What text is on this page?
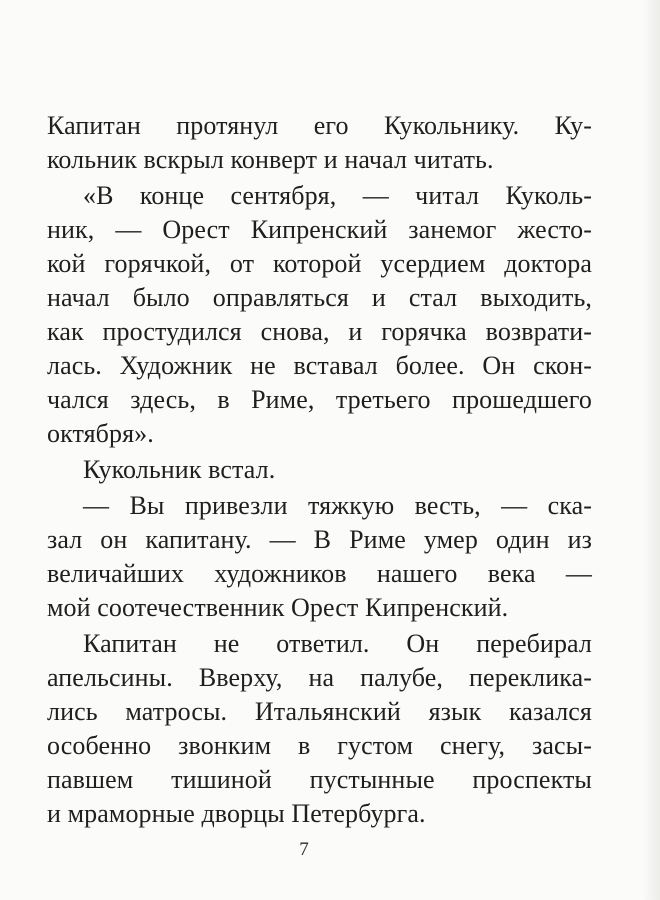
Капитан протянул его Кукольнику. Ку-
кольник вскрыл конверт и начал читать.
«В конце сентября, — читал Куколь-
ник, — Орест Кипренский занемог жесто-
кой горячкой, от которой усердием доктора
начал было оправляться и стал выходить,
как простудился снова, и горячка возврати-
лась. Художник не вставал более. Он скон-
чался здесь, в Риме, третьего прошедшего
октября».
Кукольник встал.
— Вы привезли тяжкую весть, — ска-
зал он капитану. — В Риме умер один из
величайших художников нашего века —
мой соотечественник Орест Кипренский.
Капитан не ответил. Он перебирал
апельсины. Вверху, на палубе, переклика-
лись матросы. Итальянский язык казался
особенно звонким в густом снегу, засы-
павшем тишиной пустынные проспекты
и мраморные дворцы Петербурга.
7
